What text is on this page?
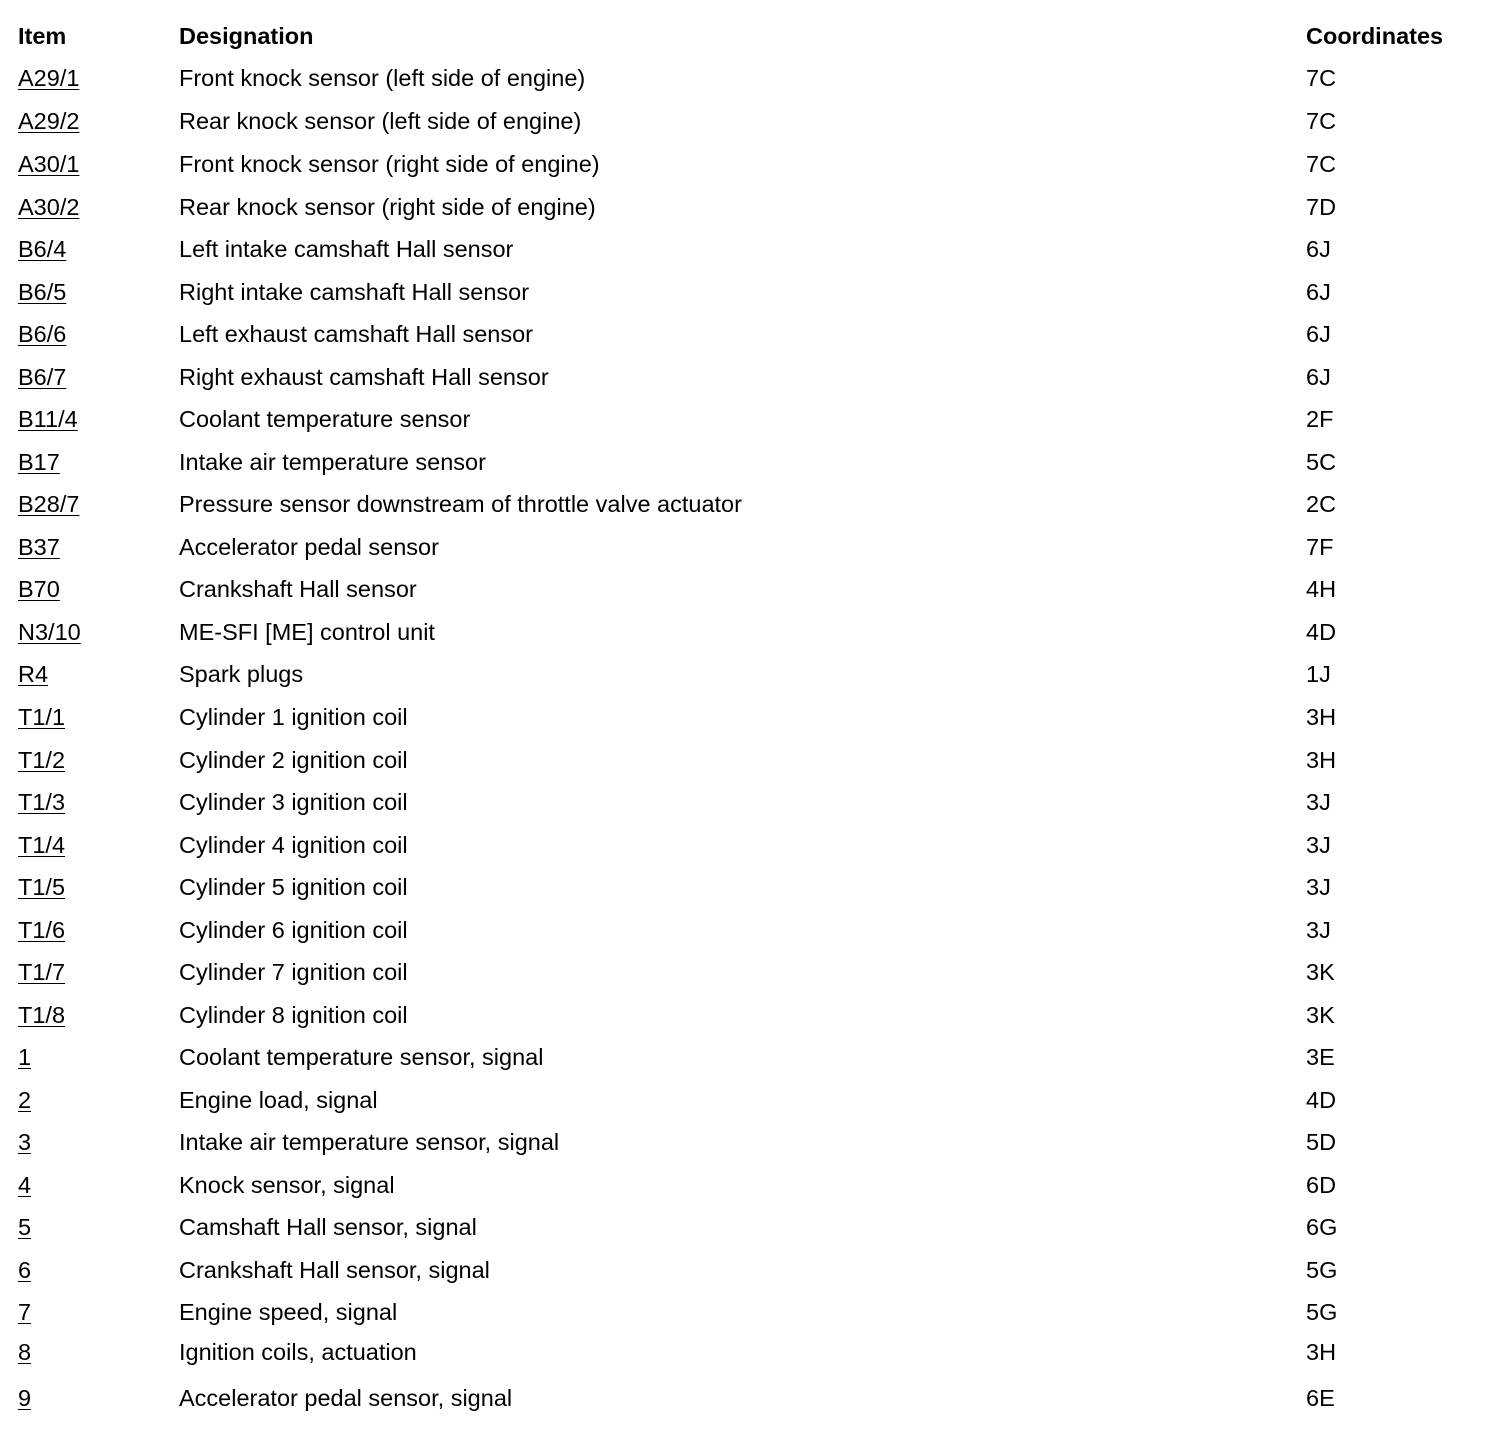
Item	Designation	Coordinates
A29/1	Front knock sensor (left side of engine)	7C
A29/2	Rear knock sensor (left side of engine)	7C
A30/1	Front knock sensor (right side of engine)	7C
A30/2	Rear knock sensor (right side of engine)	7D
B6/4	Left intake camshaft Hall sensor	6J
B6/5	Right intake camshaft Hall sensor	6J
B6/6	Left exhaust camshaft Hall sensor	6J
B6/7	Right exhaust camshaft Hall sensor	6J
B11/4	Coolant temperature sensor	2F
B17	Intake air temperature sensor	5C
B28/7	Pressure sensor downstream of throttle valve actuator	2C
B37	Accelerator pedal sensor	7F
B70	Crankshaft Hall sensor	4H
N3/10	ME-SFI [ME] control unit	4D
R4	Spark plugs	1J
T1/1	Cylinder 1 ignition coil	3H
T1/2	Cylinder 2 ignition coil	3H
T1/3	Cylinder 3 ignition coil	3J
T1/4	Cylinder 4 ignition coil	3J
T1/5	Cylinder 5 ignition coil	3J
T1/6	Cylinder 6 ignition coil	3J
T1/7	Cylinder 7 ignition coil	3K
T1/8	Cylinder 8 ignition coil	3K
1	Coolant temperature sensor, signal	3E
2	Engine load, signal	4D
3	Intake air temperature sensor, signal	5D
4	Knock sensor, signal	6D
5	Camshaft Hall sensor, signal	6G
6	Crankshaft Hall sensor, signal	5G
7	Engine speed, signal	5G
8	Ignition coils, actuation	3H
9	Accelerator pedal sensor, signal	6E
